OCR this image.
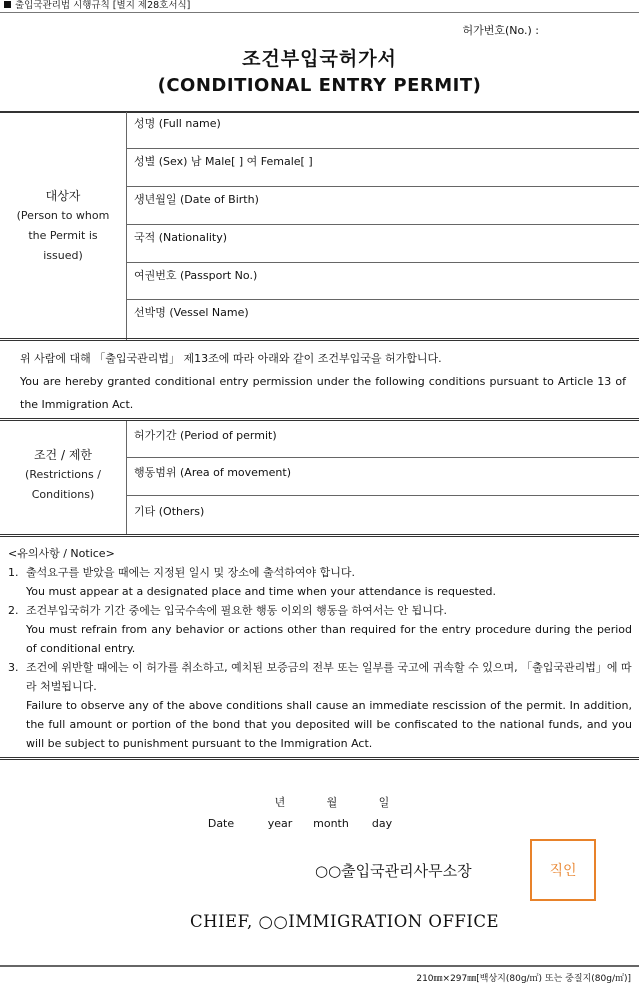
출입국관리법 시행규칙 [별지 제28호서식]
허가번호(No.) :
조건부입국허가서
(CONDITIONAL ENTRY PERMIT)
대상자
(Person to whom
the Permit is
issued)
성명 (Full name)
성별 (Sex) 남 Male[ ] 여 Female[ ]
생년월일 (Date of Birth)
국적 (Nationality)
여권번호 (Passport No.)
선박명 (Vessel Name)
위 사람에 대해 「출입국관리법」 제13조에 따라 아래와 같이 조건부입국을 허가합니다.
You are hereby granted conditional entry permission under the following conditions pursuant to Article 13 of the Immigration Act.
조건 / 제한
(Restrictions /
Conditions)
허가기간 (Period of permit)
행동범위 (Area of movement)
기타 (Others)
<유의사항 / Notice>
1. 출석요구를 받았을 때에는 지정된 일시 및 장소에 출석하여야 합니다.
You must appear at a designated place and time when your attendance is requested.
2. 조건부입국허가 기간 중에는 입국수속에 필요한 행동 이외의 행동을 하여서는 안 됩니다.
You must refrain from any behavior or actions other than required for the entry procedure during the period of conditional entry.
3. 조건에 위반할 때에는 이 허가를 취소하고, 예치된 보증금의 전부 또는 일부를 국고에 귀속할 수 있으며, 「출입국관리법」에 따라 처벌됩니다.
Failure to observe any of the above conditions shall cause an immediate rescission of the permit. In addition, the full amount or portion of the bond that you deposited will be confiscated to the national funds, and you will be subject to punishment pursuant to the Immigration Act.
년	월	일
Date	year	month	day
○○출입국관리사무소장	직인
CHIEF, ○○IMMIGRATION OFFICE
210㎜×297㎜[백상지(80g/㎡) 또는 중질지(80g/㎡)]
